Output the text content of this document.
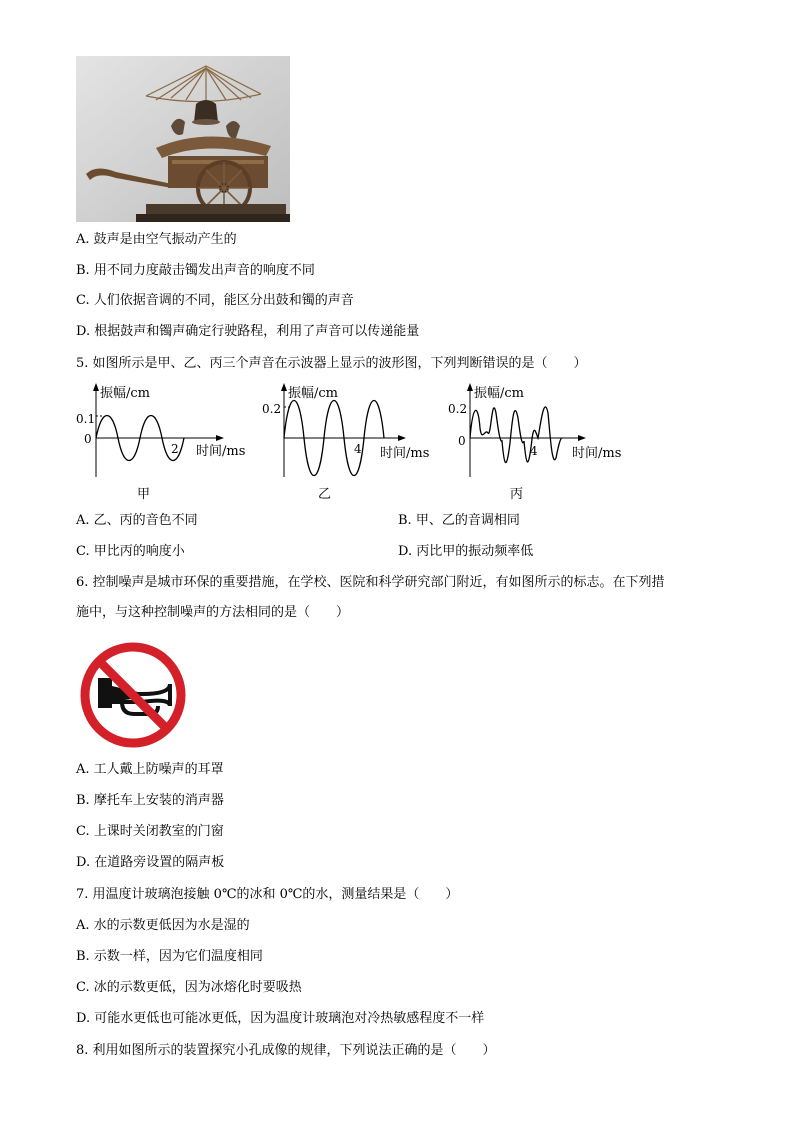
A. 鼓声是由空气振动产生的
B. 用不同力度敲击镯发出声音的响度不同
C. 人们依据音调的不同，能区分出鼓和镯的声音
D. 根据鼓声和镯声确定行驶路程，利用了声音可以传递能量
5. 如图所示是甲、乙、丙三个声音在示波器上显示的波形图，下列判断错误的是（　　）
振幅/cm
0.1
0
2 时间/ms
甲
振幅/cm
0.2
4 时间/ms
乙
振幅/cm
0.2
0
4	时间/ms
丙
A. 乙、丙的音色不同	B. 甲、乙的音调相同
C. 甲比丙的响度小	D. 丙比甲的振动频率低
6. 控制噪声是城市环保的重要措施，在学校、医院和科学研究部门附近，有如图所示的标志。在下列措
施中，与这种控制噪声的方法相同的是（　　）
A. 工人戴上防噪声的耳罩
B. 摩托车上安装的消声器
C. 上课时关闭教室的门窗
D. 在道路旁设置的隔声板
7. 用温度计玻璃泡接触 0℃的冰和 0℃的水，测量结果是（　　）
A. 水的示数更低因为水是湿的
B. 示数一样，因为它们温度相同
C. 冰的示数更低，因为冰熔化时要吸热
D. 可能水更低也可能冰更低，因为温度计玻璃泡对冷热敏感程度不一样
8. 利用如图所示的装置探究小孔成像的规律，下列说法正确的是（　　）
